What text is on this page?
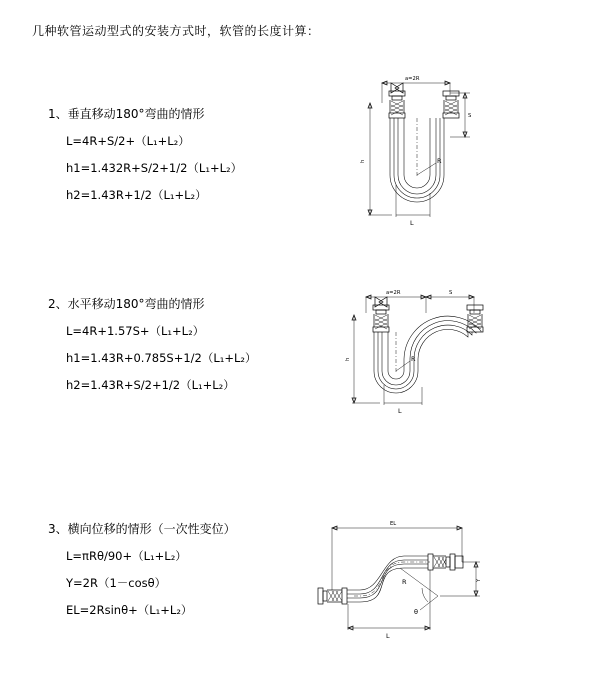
几种软管运动型式的安装方式时，软管的长度计算：
1、垂直移动180°弯曲的情形
L=4R+S/2+（L₁+L₂）
h1=1.432R+S/2+1/2（L₁+L₂）
h2=1.43R+1/2（L₁+L₂）
a=2R
S
h	R
L
2、水平移动180°弯曲的情形
L=4R+1.57S+（L₁+L₂）
h1=1.43R+0.785S+1/2（L₁+L₂）
h2=1.43R+S/2+1/2（L₁+L₂）
a=2R	S
h	R
L
3、横向位移的情形（一次性变位）
L=πRθ/90+（L₁+L₂）
Y=2R（1－cosθ）
EL=2Rsinθ+（L₁+L₂）
EL
Y
θ
R
L
